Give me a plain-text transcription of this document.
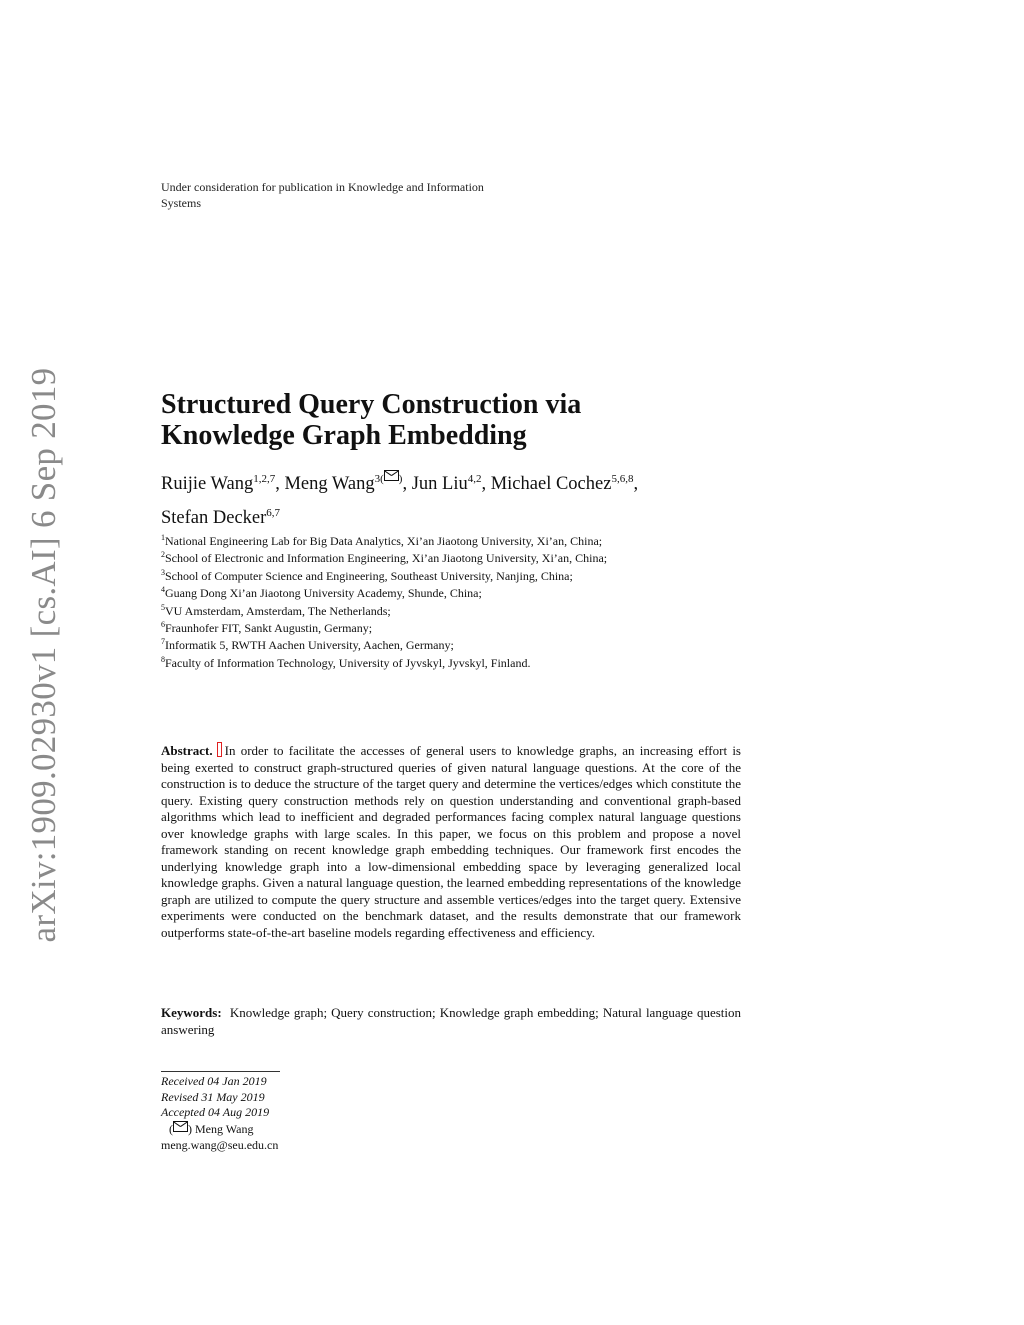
arXiv:1909.02930v1 [cs.AI] 6 Sep 2019
Under consideration for publication in Knowledge and Information
Systems
Structured Query Construction via
Knowledge Graph Embedding
Ruijie Wang$^{1,2,7}$, Meng Wang$^{3( )}$, Jun Liu$^{4,2}$, Michael Cochez$^{5,6,8}$,
Stefan Decker$^{6,7}$
$^1$National Engineering Lab for Big Data Analytics, Xi’an Jiaotong University, Xi’an, China;
$^2$School of Electronic and Information Engineering, Xi’an Jiaotong University, Xi’an, China;
$^3$School of Computer Science and Engineering, Southeast University, Nanjing, China;
$^4$Guang Dong Xi’an Jiaotong University Academy, Shunde, China;
$^5$VU Amsterdam, Amsterdam, The Netherlands;
$^6$Fraunhofer FIT, Sankt Augustin, Germany;
$^7$Informatik 5, RWTH Aachen University, Aachen, Germany;
$^8$Faculty of Information Technology, University of Jyvskyl, Jyvskyl, Finland.
Abstract. In order to facilitate the accesses of general users to knowledge graphs, an increasing effort is being exerted to construct graph-structured queries of given natural language questions. At the core of the construction is to deduce the structure of the target query and determine the vertices/edges which constitute the query. Existing query construction methods rely on question understanding and conventional graph-based algorithms which lead to inefficient and degraded performances facing complex natural language questions over knowledge graphs with large scales. In this paper, we focus on this problem and propose a novel framework standing on recent knowledge graph embedding techniques. Our framework first encodes the underlying knowledge graph into a low-dimensional embedding space by leveraging generalized local knowledge graphs. Given a natural language question, the learned embedding representations of the knowledge graph are utilized to compute the query structure and assemble vertices/edges into the target query. Extensive experiments were conducted on the benchmark dataset, and the results demonstrate that our framework outperforms state-of-the-art baseline models regarding effectiveness and efficiency.
Keywords: Knowledge graph; Query construction; Knowledge graph embedding; Natural language question answering
Received 04 Jan 2019
Revised 31 May 2019
Accepted 04 Aug 2019
( ) Meng Wang
meng.wang@seu.edu.cn
